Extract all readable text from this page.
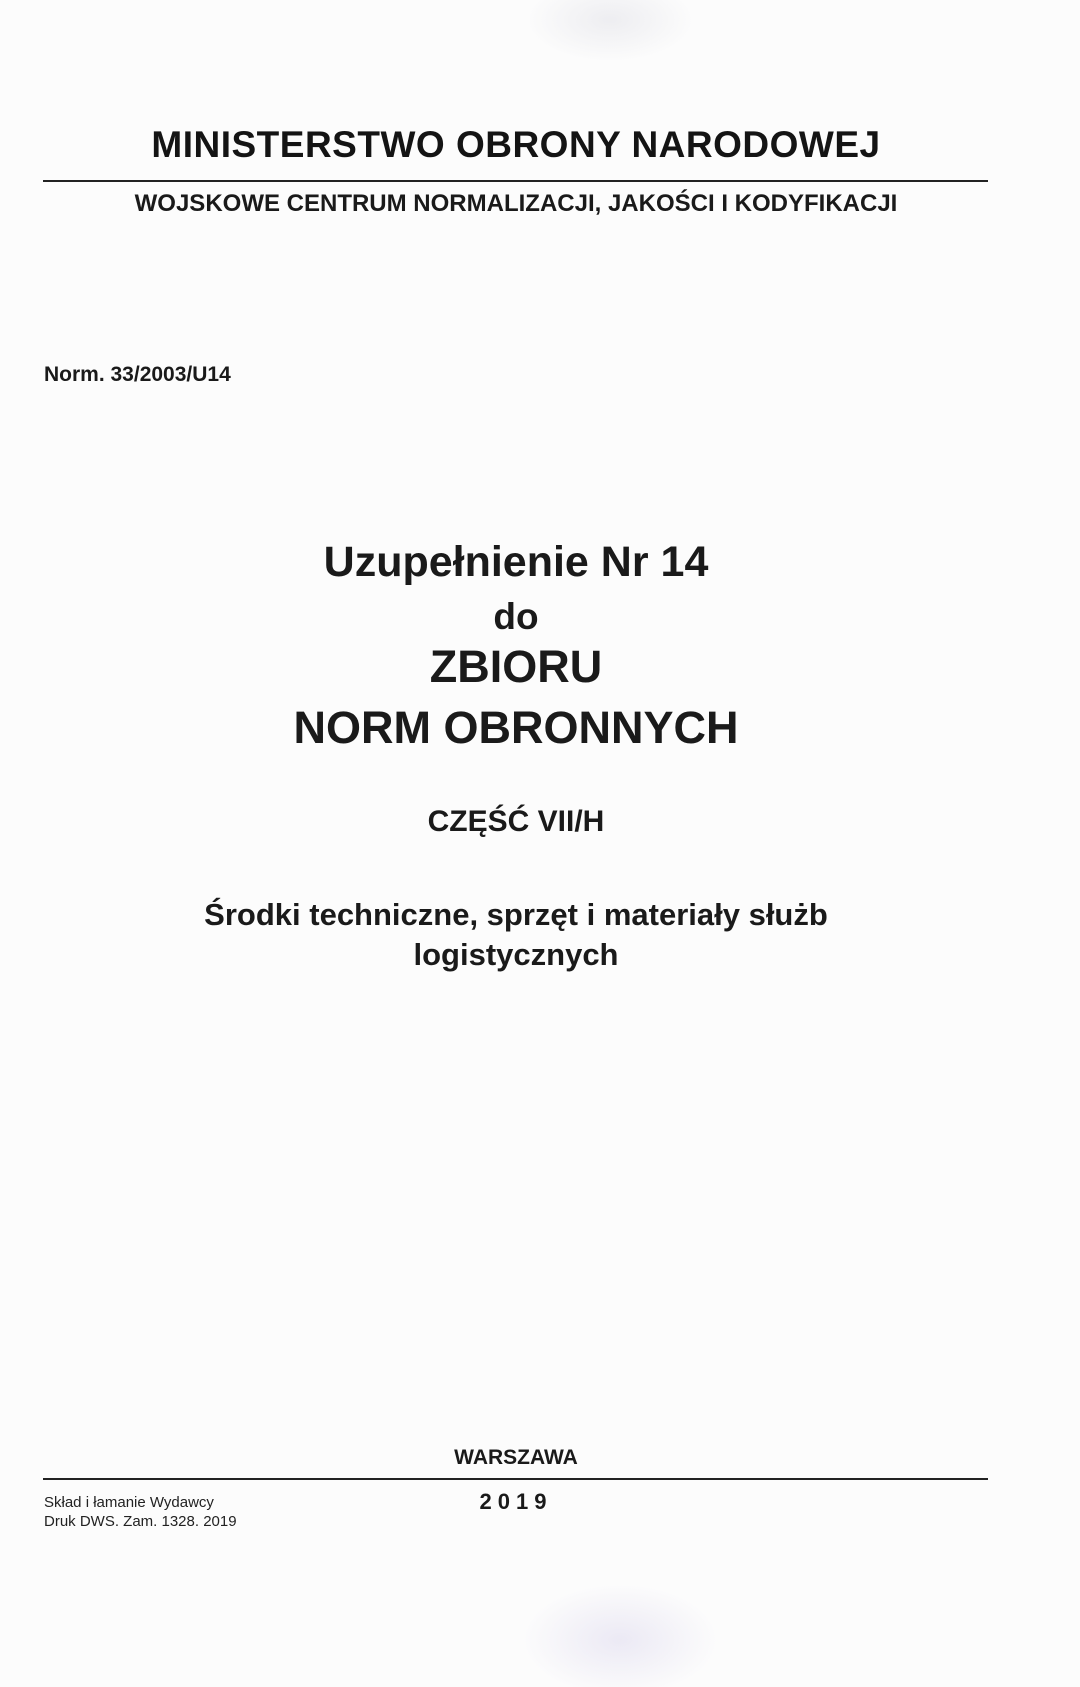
MINISTERSTWO OBRONY NARODOWEJ
WOJSKOWE CENTRUM NORMALIZACJI, JAKOŚCI I KODYFIKACJI
Norm. 33/2003/U14
Uzupełnienie Nr 14
do
ZBIORU
NORM OBRONNYCH
CZĘŚĆ VII/H
Środki techniczne, sprzęt i materiały służb
logistycznych
WARSZAWA
2019
Skład i łamanie Wydawcy
Druk DWS. Zam. 1328. 2019
